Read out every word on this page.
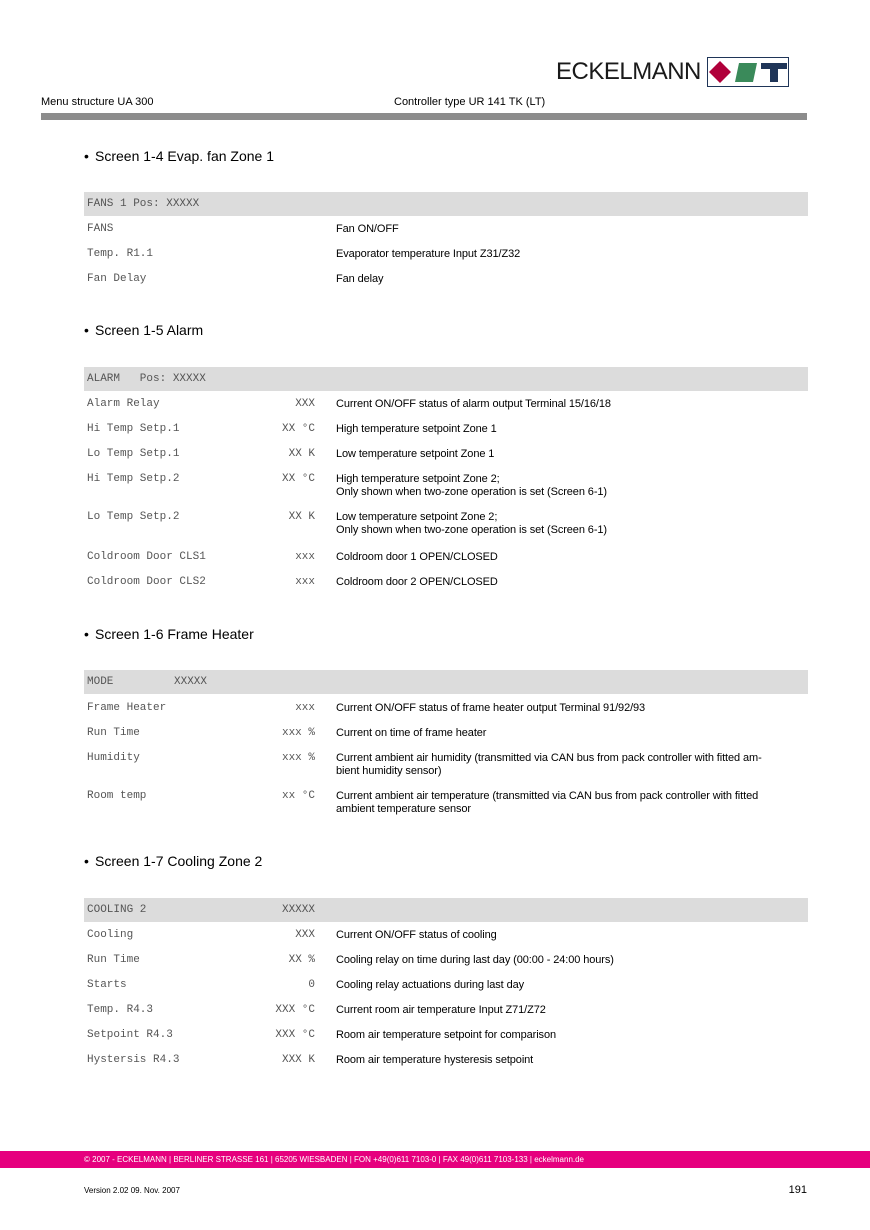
ECKELMANN
Menu structure UA 300	Controller type UR 141 TK (LT)
• Screen 1-4 Evap. fan Zone 1
FANS 1 Pos: XXXXX
FANS	Fan ON/OFF
Temp. R1.1	Evaporator temperature Input Z31/Z32
Fan Delay	Fan delay
• Screen 1-5 Alarm
ALARM   Pos: XXXXX
Alarm Relay	XXX Current ON/OFF status of alarm output Terminal 15/16/18
Hi Temp Setp.1	XX °C High temperature setpoint Zone 1
Lo Temp Setp.1	XX K Low temperature setpoint Zone 1
Hi Temp Setp.2	XX °C High temperature setpoint Zone 2;
Only shown when two-zone operation is set (Screen 6-1)
Lo Temp Setp.2	XX K Low temperature setpoint Zone 2;
Only shown when two-zone operation is set (Screen 6-1)
Coldroom Door CLS1	xxx Coldroom door 1 OPEN/CLOSED
Coldroom Door CLS2	xxx Coldroom door 2 OPEN/CLOSED
• Screen 1-6 Frame Heater
MODE	XXXXX
Frame Heater	xxx Current ON/OFF status of frame heater output Terminal 91/92/93
Run Time	xxx % Current on time of frame heater
Humidity	xxx % Current ambient air humidity (transmitted via CAN bus from pack controller with fitted am-
bient humidity sensor)
Room temp	xx °C Current ambient air temperature (transmitted via CAN bus from pack controller with fitted
ambient temperature sensor
• Screen 1-7 Cooling Zone 2
COOLING 2	XXXXX
Cooling	XXX Current ON/OFF status of cooling
Run Time	XX % Cooling relay on time during last day (00:00 - 24:00 hours)
Starts	0 Cooling relay actuations during last day
Temp. R4.3	XXX °C Current room air temperature Input Z71/Z72
Setpoint R4.3	XXX °C Room air temperature setpoint for comparison
Hystersis R4.3	XXX K Room air temperature hysteresis setpoint
© 2007 - ECKELMANN | BERLINER STRASSE 161 | 65205 WIESBADEN | FON +49(0)611 7103-0 | FAX 49(0)611 7103-133 | eckelmann.de
Version 2.02 09. Nov. 2007	191
